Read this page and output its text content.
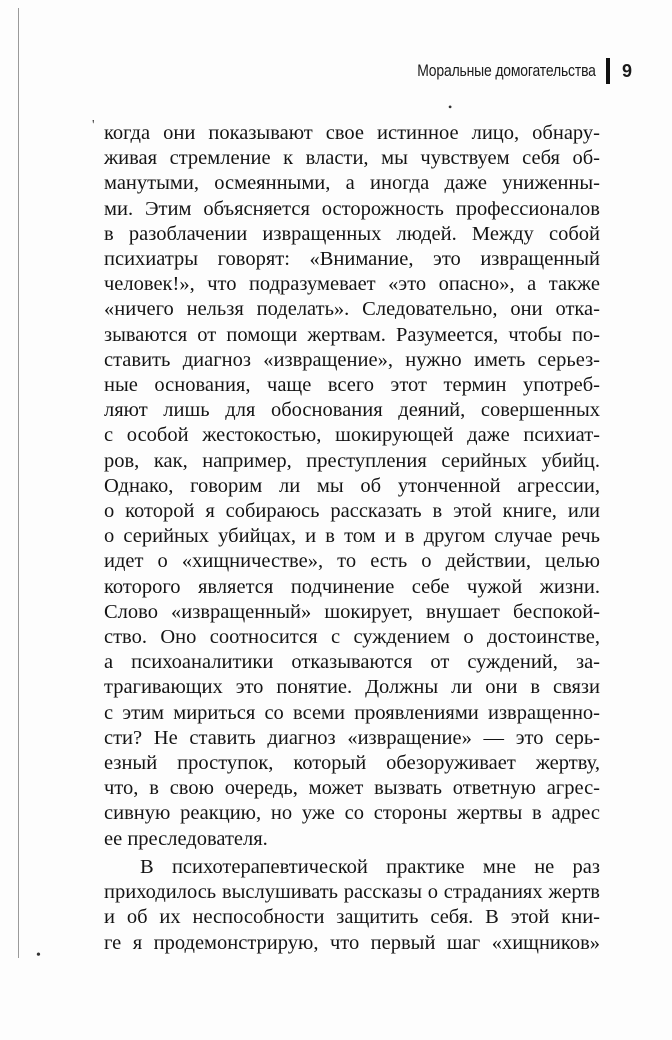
Моральные домогательства 9
•
'
•
когда они показывают свое истинное лицо, обнару-
живая стремление к власти, мы чувствуем себя об-
манутыми, осмеянными, а иногда даже униженны-
ми. Этим объясняется осторожность профессионалов
в разоблачении извращенных людей. Между собой
психиатры говорят: «Внимание, это извращенный
человек!», что подразумевает «это опасно», а также
«ничего нельзя поделать». Следовательно, они отка-
зываются от помощи жертвам. Разумеется, чтобы по-
ставить диагноз «извращение», нужно иметь серьез-
ные основания, чаще всего этот термин употреб-
ляют лишь для обоснования деяний, совершенных
с особой жестокостью, шокирующей даже психиат-
ров, как, например, преступления серийных убийц.
Однако, говорим ли мы об утонченной агрессии,
о которой я собираюсь рассказать в этой книге, или
о серийных убийцах, и в том и в другом случае речь
идет о «хищничестве», то есть о действии, целью
которого является подчинение себе чужой жизни.
Слово «извращенный» шокирует, внушает беспокой-
ство. Оно соотносится с суждением о достоинстве,
а психоаналитики отказываются от суждений, за-
трагивающих это понятие. Должны ли они в связи
с этим мириться со всеми проявлениями извращенно-
сти? Не ставить диагноз «извращение» — это серь-
езный проступок, который обезоруживает жертву,
что, в свою очередь, может вызвать ответную агрес-
сивную реакцию, но уже со стороны жертвы в адрес
ее преследователя.
В психотерапевтической практике мне не раз
приходилось выслушивать рассказы о страданиях жертв
и об их неспособности защитить себя. В этой кни-
ге я продемонстрирую, что первый шаг «хищников»
